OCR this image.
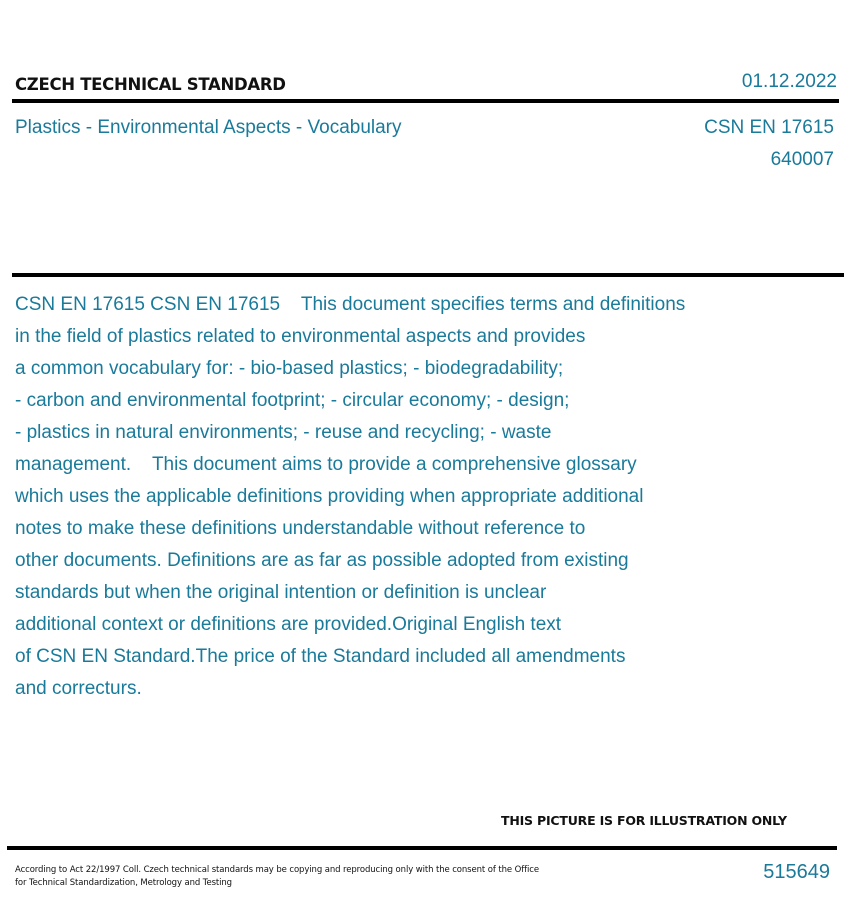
CZECH TECHNICAL STANDARD	01.12.2022
Plastics - Environmental Aspects - Vocabulary	CSN EN 17615
640007
CSN EN 17615 CSN EN 17615    This document specifies terms and definitions
in the field of plastics related to environmental aspects and provides
a common vocabulary for: - bio-based plastics; - biodegradability;
- carbon and environmental footprint; - circular economy; - design;
- plastics in natural environments; - reuse and recycling; - waste
management.    This document aims to provide a comprehensive glossary
which uses the applicable definitions providing when appropriate additional
notes to make these definitions understandable without reference to
other documents. Definitions are as far as possible adopted from existing
standards but when the original intention or definition is unclear
additional context or definitions are provided.Original English text
of CSN EN Standard.The price of the Standard included all amendments
and correcturs.
THIS PICTURE IS FOR ILLUSTRATION ONLY
According to Act 22/1997 Coll. Czech technical standards may be copying and reproducing only with the consent of the Office
for Technical Standardization, Metrology and Testing	515649
